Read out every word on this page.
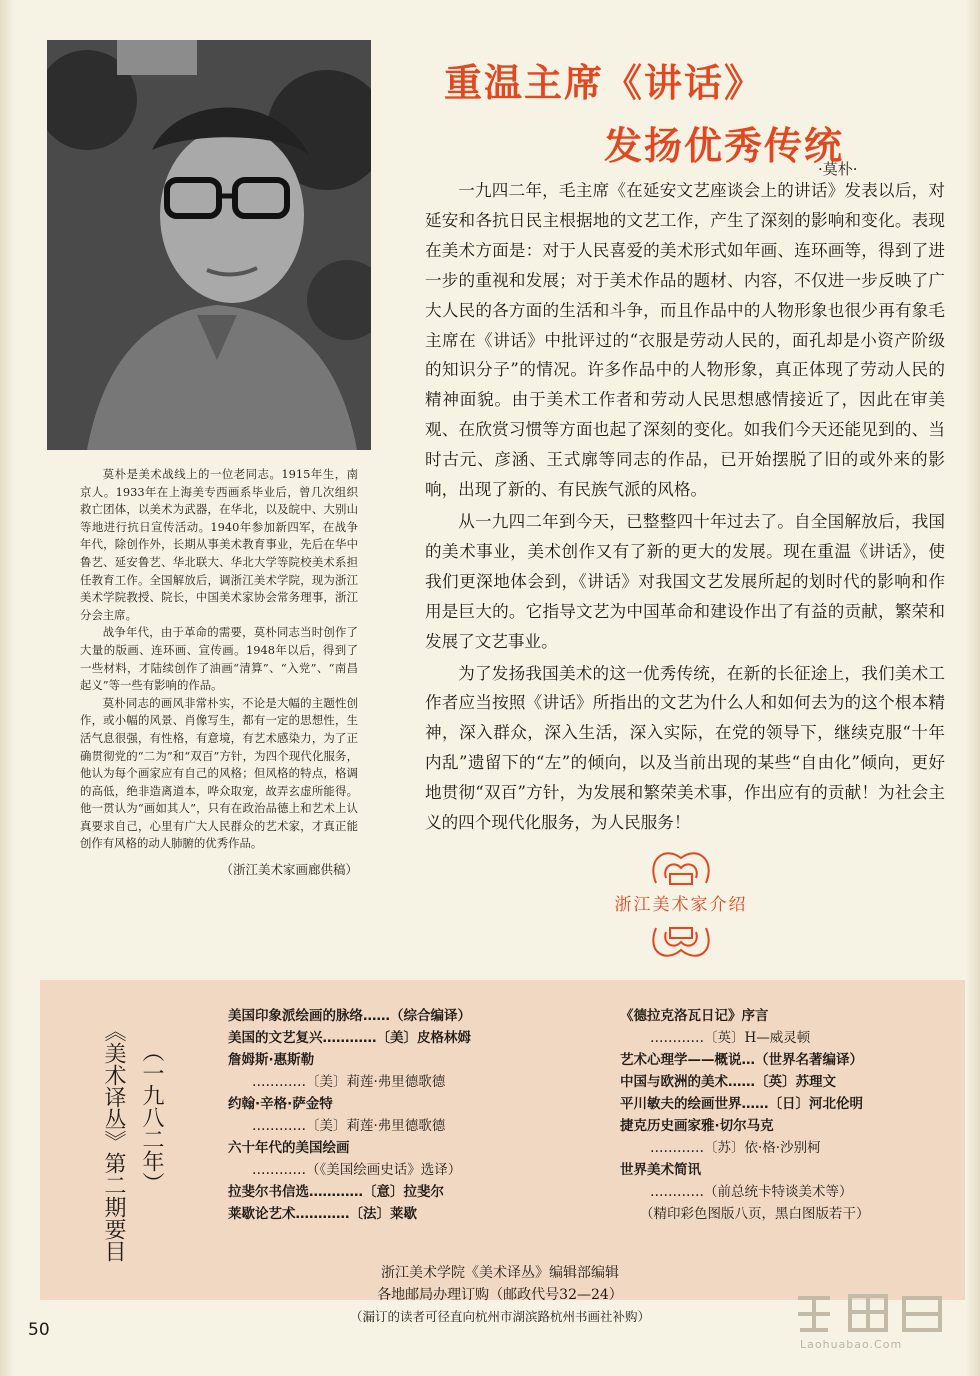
重温主席《讲话》
发扬优秀传统
·莫朴·

一九四二年，毛主席《在延安文艺座谈会上的讲话》发表以后，对延安和各抗日民主根据地的文艺工作，产生了深刻的影响和变化。表现在美术方面是：对于人民喜爱的美术形式如年画、连环画等，得到了进一步的重视和发展；对于美术作品的题材、内容，不仅进一步反映了广大人民的各方面的生活和斗争，而且作品中的人物形象也很少再有象毛主席在《讲话》中批评过的“衣服是劳动人民的，面孔却是小资产阶级的知识分子”的情况。许多作品中的人物形象，真正体现了劳动人民的精神面貌。由于美术工作者和劳动人民思想感情接近了，因此在审美观、在欣赏习惯等方面也起了深刻的变化。如我们今天还能见到的、当时古元、彦涵、王式廓等同志的作品，已开始摆脱了旧的或外来的影响，出现了新的、有民族气派的风格。

从一九四二年到今天，已整整四十年过去了。自全国解放后，我国的美术事业，美术创作又有了新的更大的发展。现在重温《讲话》，使我们更深地体会到，《讲话》对我国文艺发展所起的划时代的影响和作用是巨大的。它指导文艺为中国革命和建设作出了有益的贡献，繁荣和发展了文艺事业。

为了发扬我国美术的这一优秀传统，在新的长征途上，我们美术工作者应当按照《讲话》所指出的文艺为什么人和如何去为的这个根本精神，深入群众，深入生活，深入实际，在党的领导下，继续克服“十年内乱”遗留下的“左”的倾向，以及当前出现的某些“自由化”倾向，更好地贯彻“双百”方针，为发展和繁荣美术事，作出应有的贡献！为社会主义的四个现代化服务，为人民服务！

莫朴是美术战线上的一位老同志。1915年生，南京人。1933年在上海美专西画系毕业后，曾几次组织救亡团体，以美术为武器，在华北，以及皖中、大别山等地进行抗日宣传活动。1940年参加新四军，在战争年代，除创作外，长期从事美术教育事业，先后在华中鲁艺、延安鲁艺、华北联大、华北大学等院校美术系担任教育工作。全国解放后，调浙江美术学院，现为浙江美术学院教授、院长，中国美术家协会常务理事，浙江分会主席。

战争年代，由于革命的需要，莫朴同志当时创作了大量的版画、连环画、宣传画。1948年以后，得到了一些材料，才陆续创作了油画“清算”、“入党”、“南昌起义”等一些有影响的作品。

莫朴同志的画风非常朴实，不论是大幅的主题性创作，或小幅的风景、肖像写生，都有一定的思想性，生活气息很强，有性格，有意境，有艺术感染力，为了正确贯彻党的“二为”和“双百”方针，为四个现代化服务，他认为每个画家应有自己的风格；但风格的特点，格调的高低，绝非造离道本，哗众取宠，故弄玄虚所能得。他一贯认为“画如其人”，只有在政治品德上和艺术上认真要求自己，心里有广大人民群众的艺术家，才真正能创作有风格的动人肺腑的优秀作品。

（浙江美术家画廊供稿）

浙江美术家介绍
《美术译丛》第二期要目 （一九八二年）
美国印象派绘画的脉络……（综合编译）
美国的文艺复兴…………〔美〕皮格林姆
詹姆斯·惠斯勒
…………〔美〕莉莲·弗里德歌德
约翰·辛格·萨金特
…………〔美〕莉莲·弗里德歌德
六十年代的美国绘画
…………（《美国绘画史话》选译）
拉斐尔书信选…………〔意〕拉斐尔
莱歇论艺术…………〔法〕莱歇
《德拉克洛瓦日记》序言
…………〔英〕H—威灵顿
艺术心理学——概说…（世界名著编译）
中国与欧洲的美术……〔英〕苏理文
平川敏夫的绘画世界……〔日〕河北伦明
捷克历史画家雅·切尔马克
…………〔苏〕依·格·沙别柯
世界美术简讯
…………（前总统卡特谈美术等）
（精印彩色图版八页，黑白图版若干）
浙江美术学院《美术译丛》编辑部编辑
各地邮局办理订购（邮政代号32—24）
（漏订的读者可径直向杭州市湖滨路杭州书画社补购）
50
Laohuabao.Com
